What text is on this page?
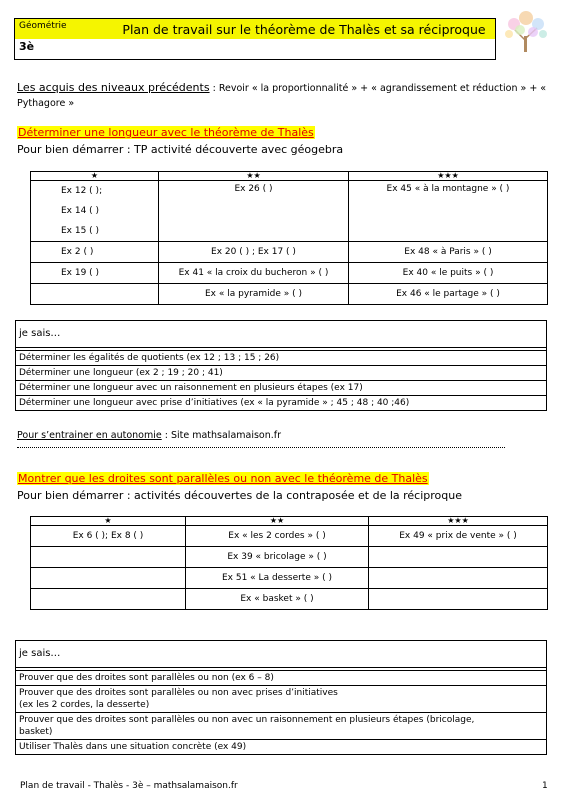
Géométrie
3è
Plan de travail sur le théorème de Thalès et sa réciproque
Les acquis des niveaux précédents : Revoir « la proportionnalité » + « agrandissement et réduction » + « Pythagore »
Déterminer une longueur avec le théorème de Thalès
Pour bien démarrer : TP activité découverte avec géogebra
★	★★	★★★

Ex 12 ( );
Ex 14 ( )
Ex 15 ( )	Ex 26 ( )	Ex 45 « à la montagne » ( )
Ex 2 ( )	Ex 20 ( ) ; Ex 17 ( )	Ex 48 « à Paris » ( )
Ex 19 ( )	Ex 41 « la croix du bucheron » ( )	Ex 40 « le puits » ( )
	Ex « la pyramide » ( )	Ex 46 « le partage » ( )
je sais…

Déterminer les égalités de quotients (ex 12 ; 13 ; 15 ; 26)
Déterminer une longueur (ex 2 ; 19 ; 20 ; 41)
Déterminer une longueur avec un raisonnement en plusieurs étapes (ex 17)
Déterminer une longueur avec prise d’initiatives (ex « la pyramide » ; 45 ; 48 ; 40 ;46)
Pour s’entrainer en autonomie : Site mathsalamaison.fr
Montrer que les droites sont parallèles ou non avec le théorème de Thalès
Pour bien démarrer : activités découvertes de la contraposée et de la réciproque
★	★★	★★★
Ex 6 ( ); Ex 8 ( )	Ex « les 2 cordes » ( )	Ex 49 « prix de vente » ( )
	Ex 39 « bricolage » ( )	
	Ex 51 « La desserte » ( )	
	Ex « basket » ( )	
je sais…

Prouver que des droites sont parallèles ou non (ex 6 – 8)

Prouver que des droites sont parallèles ou non avec prises d’initiatives
(ex les 2 cordes, la desserte)

Prouver que des droites sont parallèles ou non avec un raisonnement en plusieurs étapes (bricolage,
basket)

Utiliser Thalès dans une situation concrète (ex 49)
Plan de travail - Thalès - 3è – mathsalamaison.fr	1
